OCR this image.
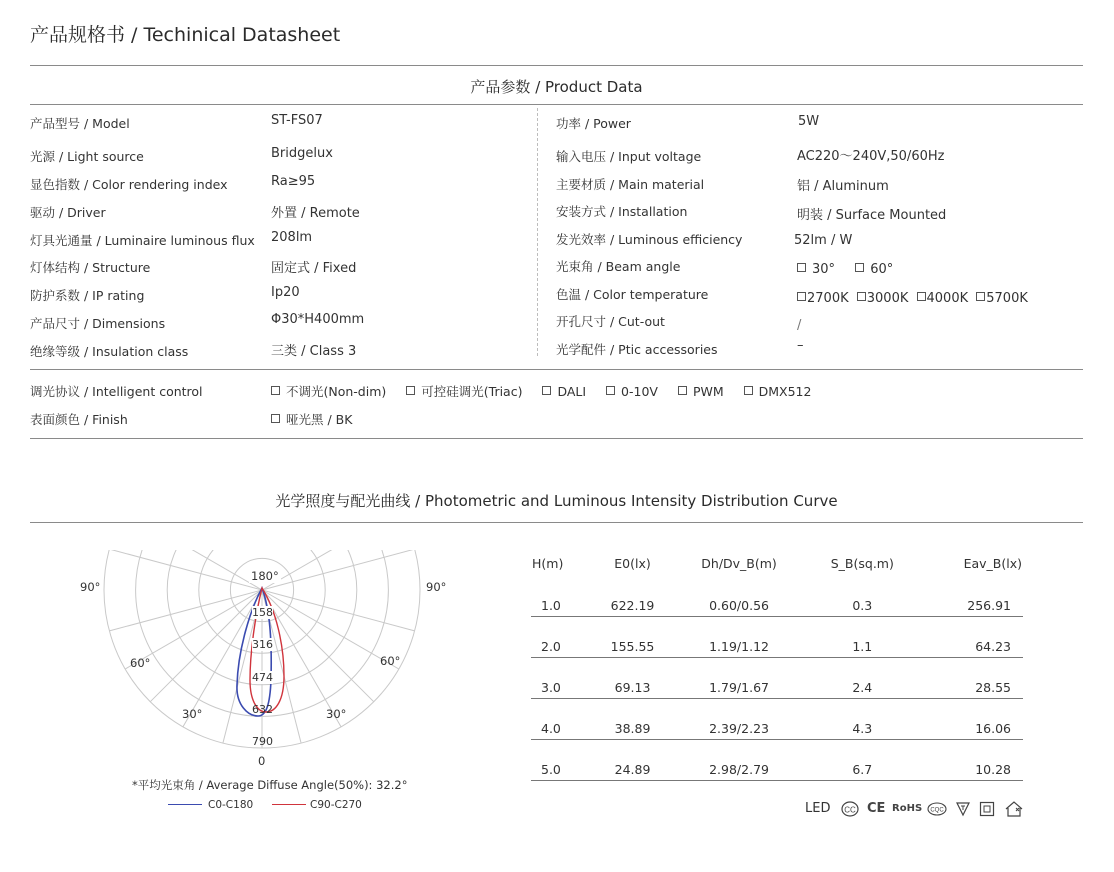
产品规格书 / Techinical Datasheet
产品参数 / Product Data
产品型号 / Model	ST-FS07
光源 / Light source	Bridgelux
显色指数 / Color rendering index	Ra≥95
驱动 / Driver	外置 / Remote
灯具光通量 / Luminaire luminous flux 208lm
灯体结构 / Structure	固定式 / Fixed
防护系数 / IP rating	Ip20
产品尺寸 / Dimensions	Φ30*H400mm
绝缘等级 / Insulation class	三类 / Class 3
功率 / Power	5W
输入电压 / Input voltage	AC220～240V,50/60Hz
主要材质 / Main material	铝 / Aluminum
安装方式 / Installation	明装 / Surface Mounted
发光效率 / Luminous efficiency	52lm / W
光束角 / Beam angle	30°	60°
色温 / Color temperature	2700K 3000K 4000K 5700K
开孔尺寸 / Cut-out	/
光学配件 / Ptic accessories	–
调光协议 / Intelligent control	不调光(Non-dim)	可控硅调光(Triac)	DALI	0-10V	PWM	DMX512
表面颜色 / Finish	哑光黑 / BK
光学照度与配光曲线 / Photometric and Luminous Intensity Distribution Curve
180°
90°	90°
60°	60°
30°	30°
0
158
316
474
632
790
*平均光束角 / Average Diffuse Angle(50%): 32.2°
C0-C180	C90-C270
H(m)	E0(lx)	Dh/Dv_B(m)	S_B(sq.m)	Eav_B(lx)
1.0	622.19	0.60/0.56	0.3	256.91
2.0	155.55	1.19/1.12	1.1	64.23
3.0	69.13	1.79/1.67	2.4	28.55
4.0	38.89	2.39/2.23	4.3	16.06
5.0	24.89	2.98/2.79	6.7	10.28
LED CC CE RoHS CQC
